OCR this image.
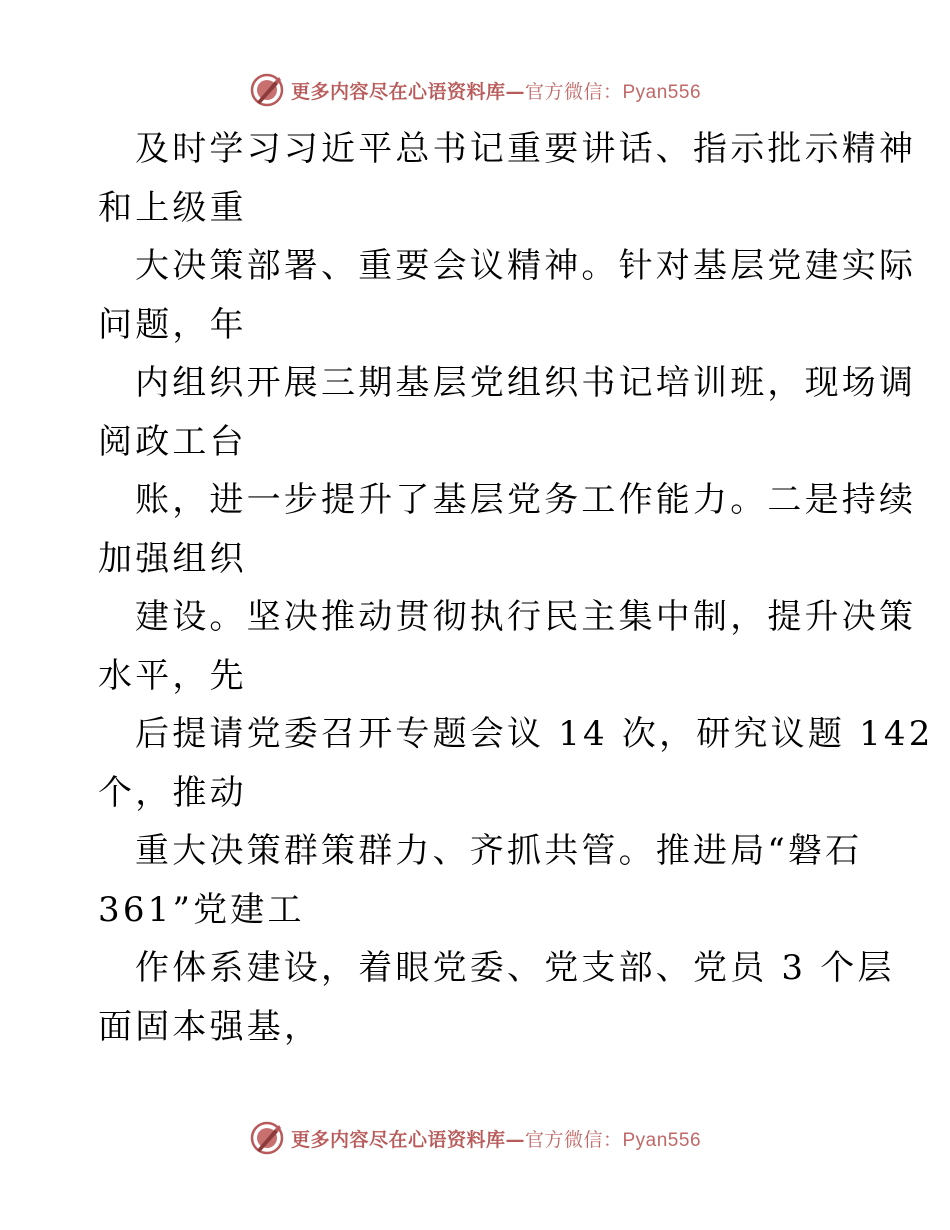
更多内容尽在心语资料库—官方微信：Pyan556
及时学习习近平总书记重要讲话、指示批示精神
和上级重
大决策部署、重要会议精神。针对基层党建实际
问题，年
内组织开展三期基层党组织书记培训班，现场调
阅政工台
账，进一步提升了基层党务工作能力。二是持续
加强组织
建设。坚决推动贯彻执行民主集中制，提升决策
水平，先
后提请党委召开专题会议 14 次，研究议题 142
个，推动
重大决策群策群力、齐抓共管。推进局“磐石
361”党建工
作体系建设，着眼党委、党支部、党员 3 个层
面固本强基，
更多内容尽在心语资料库—官方微信：Pyan556
